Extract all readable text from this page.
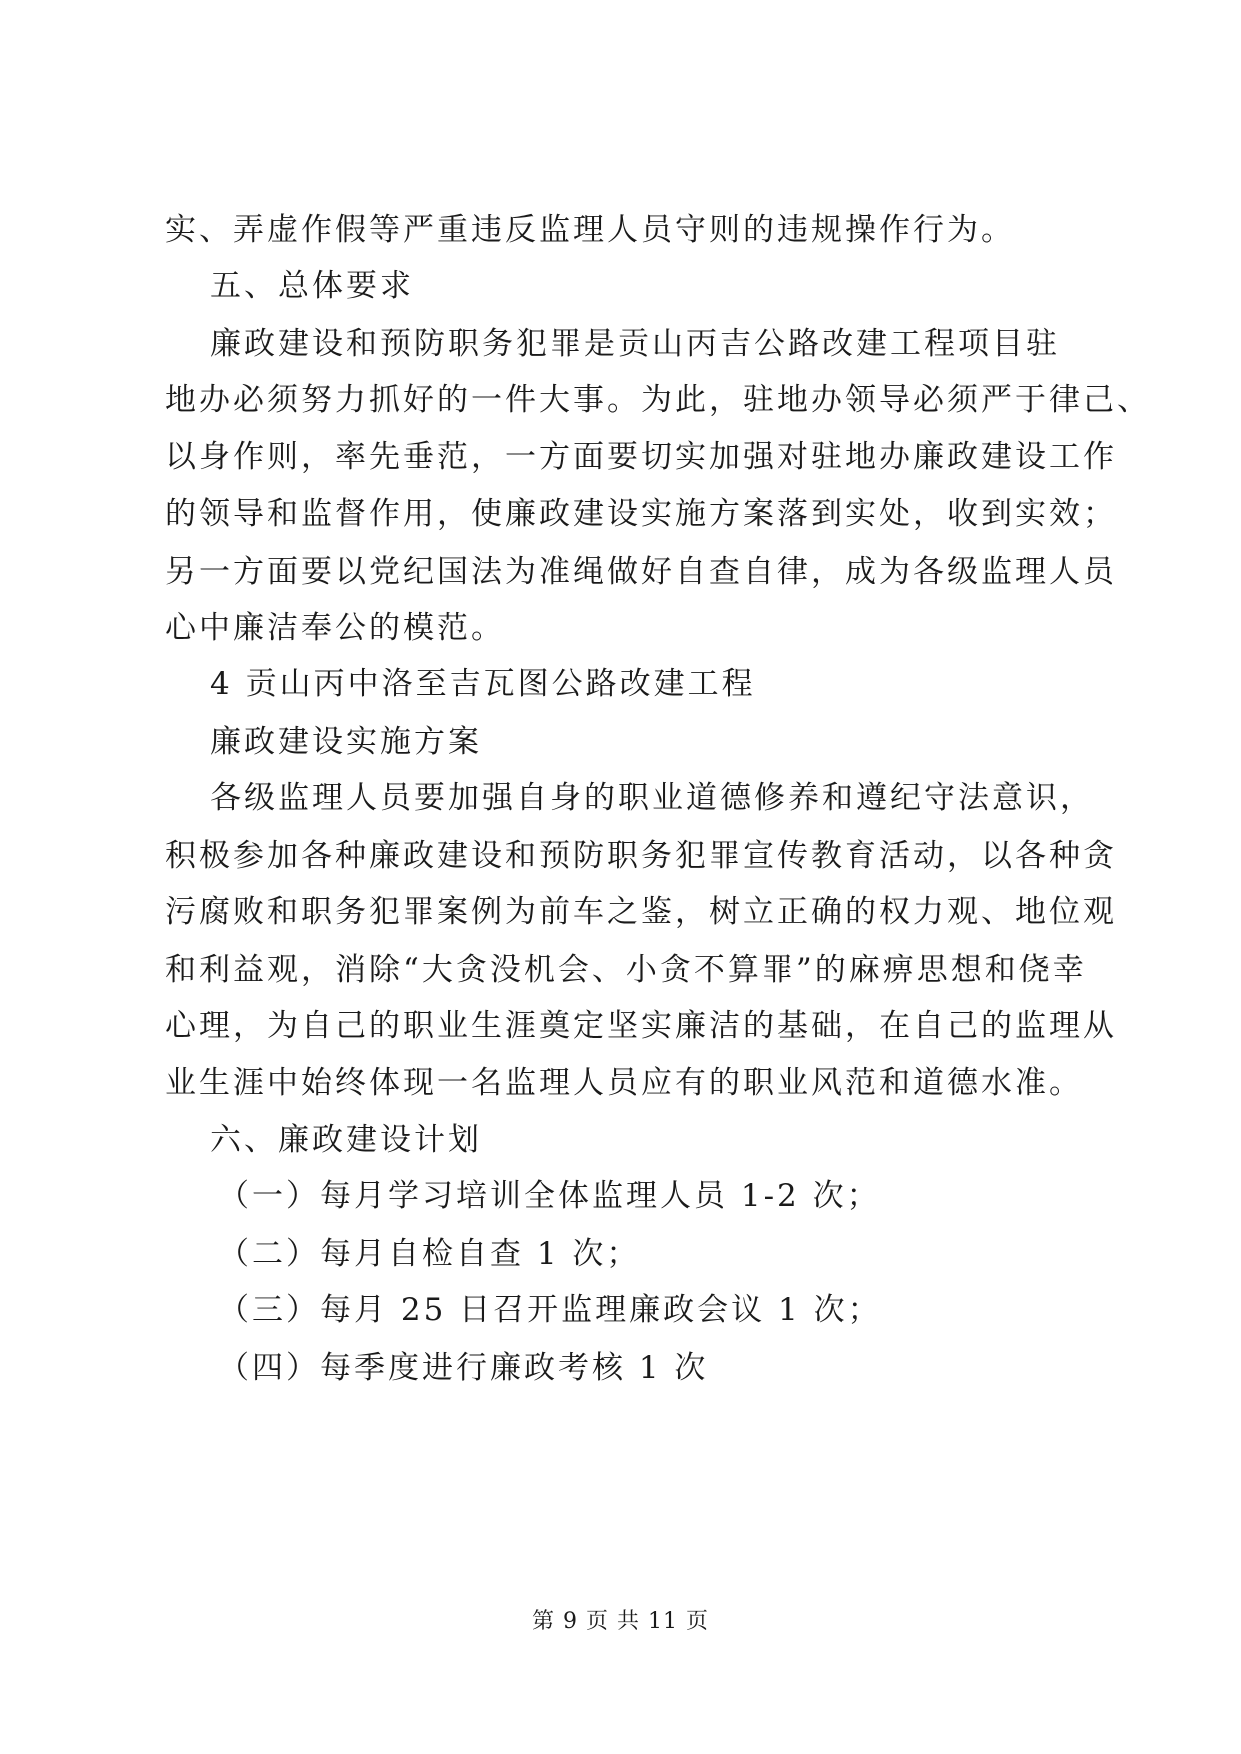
实、弄虚作假等严重违反监理人员守则的违规操作行为。
五、总体要求
廉政建设和预防职务犯罪是贡山丙吉公路改建工程项目驻
地办必须努力抓好的一件大事。为此，驻地办领导必须严于律己、
以身作则，率先垂范，一方面要切实加强对驻地办廉政建设工作
的领导和监督作用，使廉政建设实施方案落到实处，收到实效；
另一方面要以党纪国法为准绳做好自查自律，成为各级监理人员
心中廉洁奉公的模范。
4 贡山丙中洛至吉瓦图公路改建工程
廉政建设实施方案
各级监理人员要加强自身的职业道德修养和遵纪守法意识，
积极参加各种廉政建设和预防职务犯罪宣传教育活动，以各种贪
污腐败和职务犯罪案例为前车之鉴，树立正确的权力观、地位观
和利益观，消除“大贪没机会、小贪不算罪”的麻痹思想和侥幸
心理，为自己的职业生涯奠定坚实廉洁的基础，在自己的监理从
业生涯中始终体现一名监理人员应有的职业风范和道德水准。
六、廉政建设计划
（一）每月学习培训全体监理人员 1-2 次；
（二）每月自检自查 1 次；
（三）每月 25 日召开监理廉政会议 1 次；
（四）每季度进行廉政考核 1 次
第 9 页 共 11 页
